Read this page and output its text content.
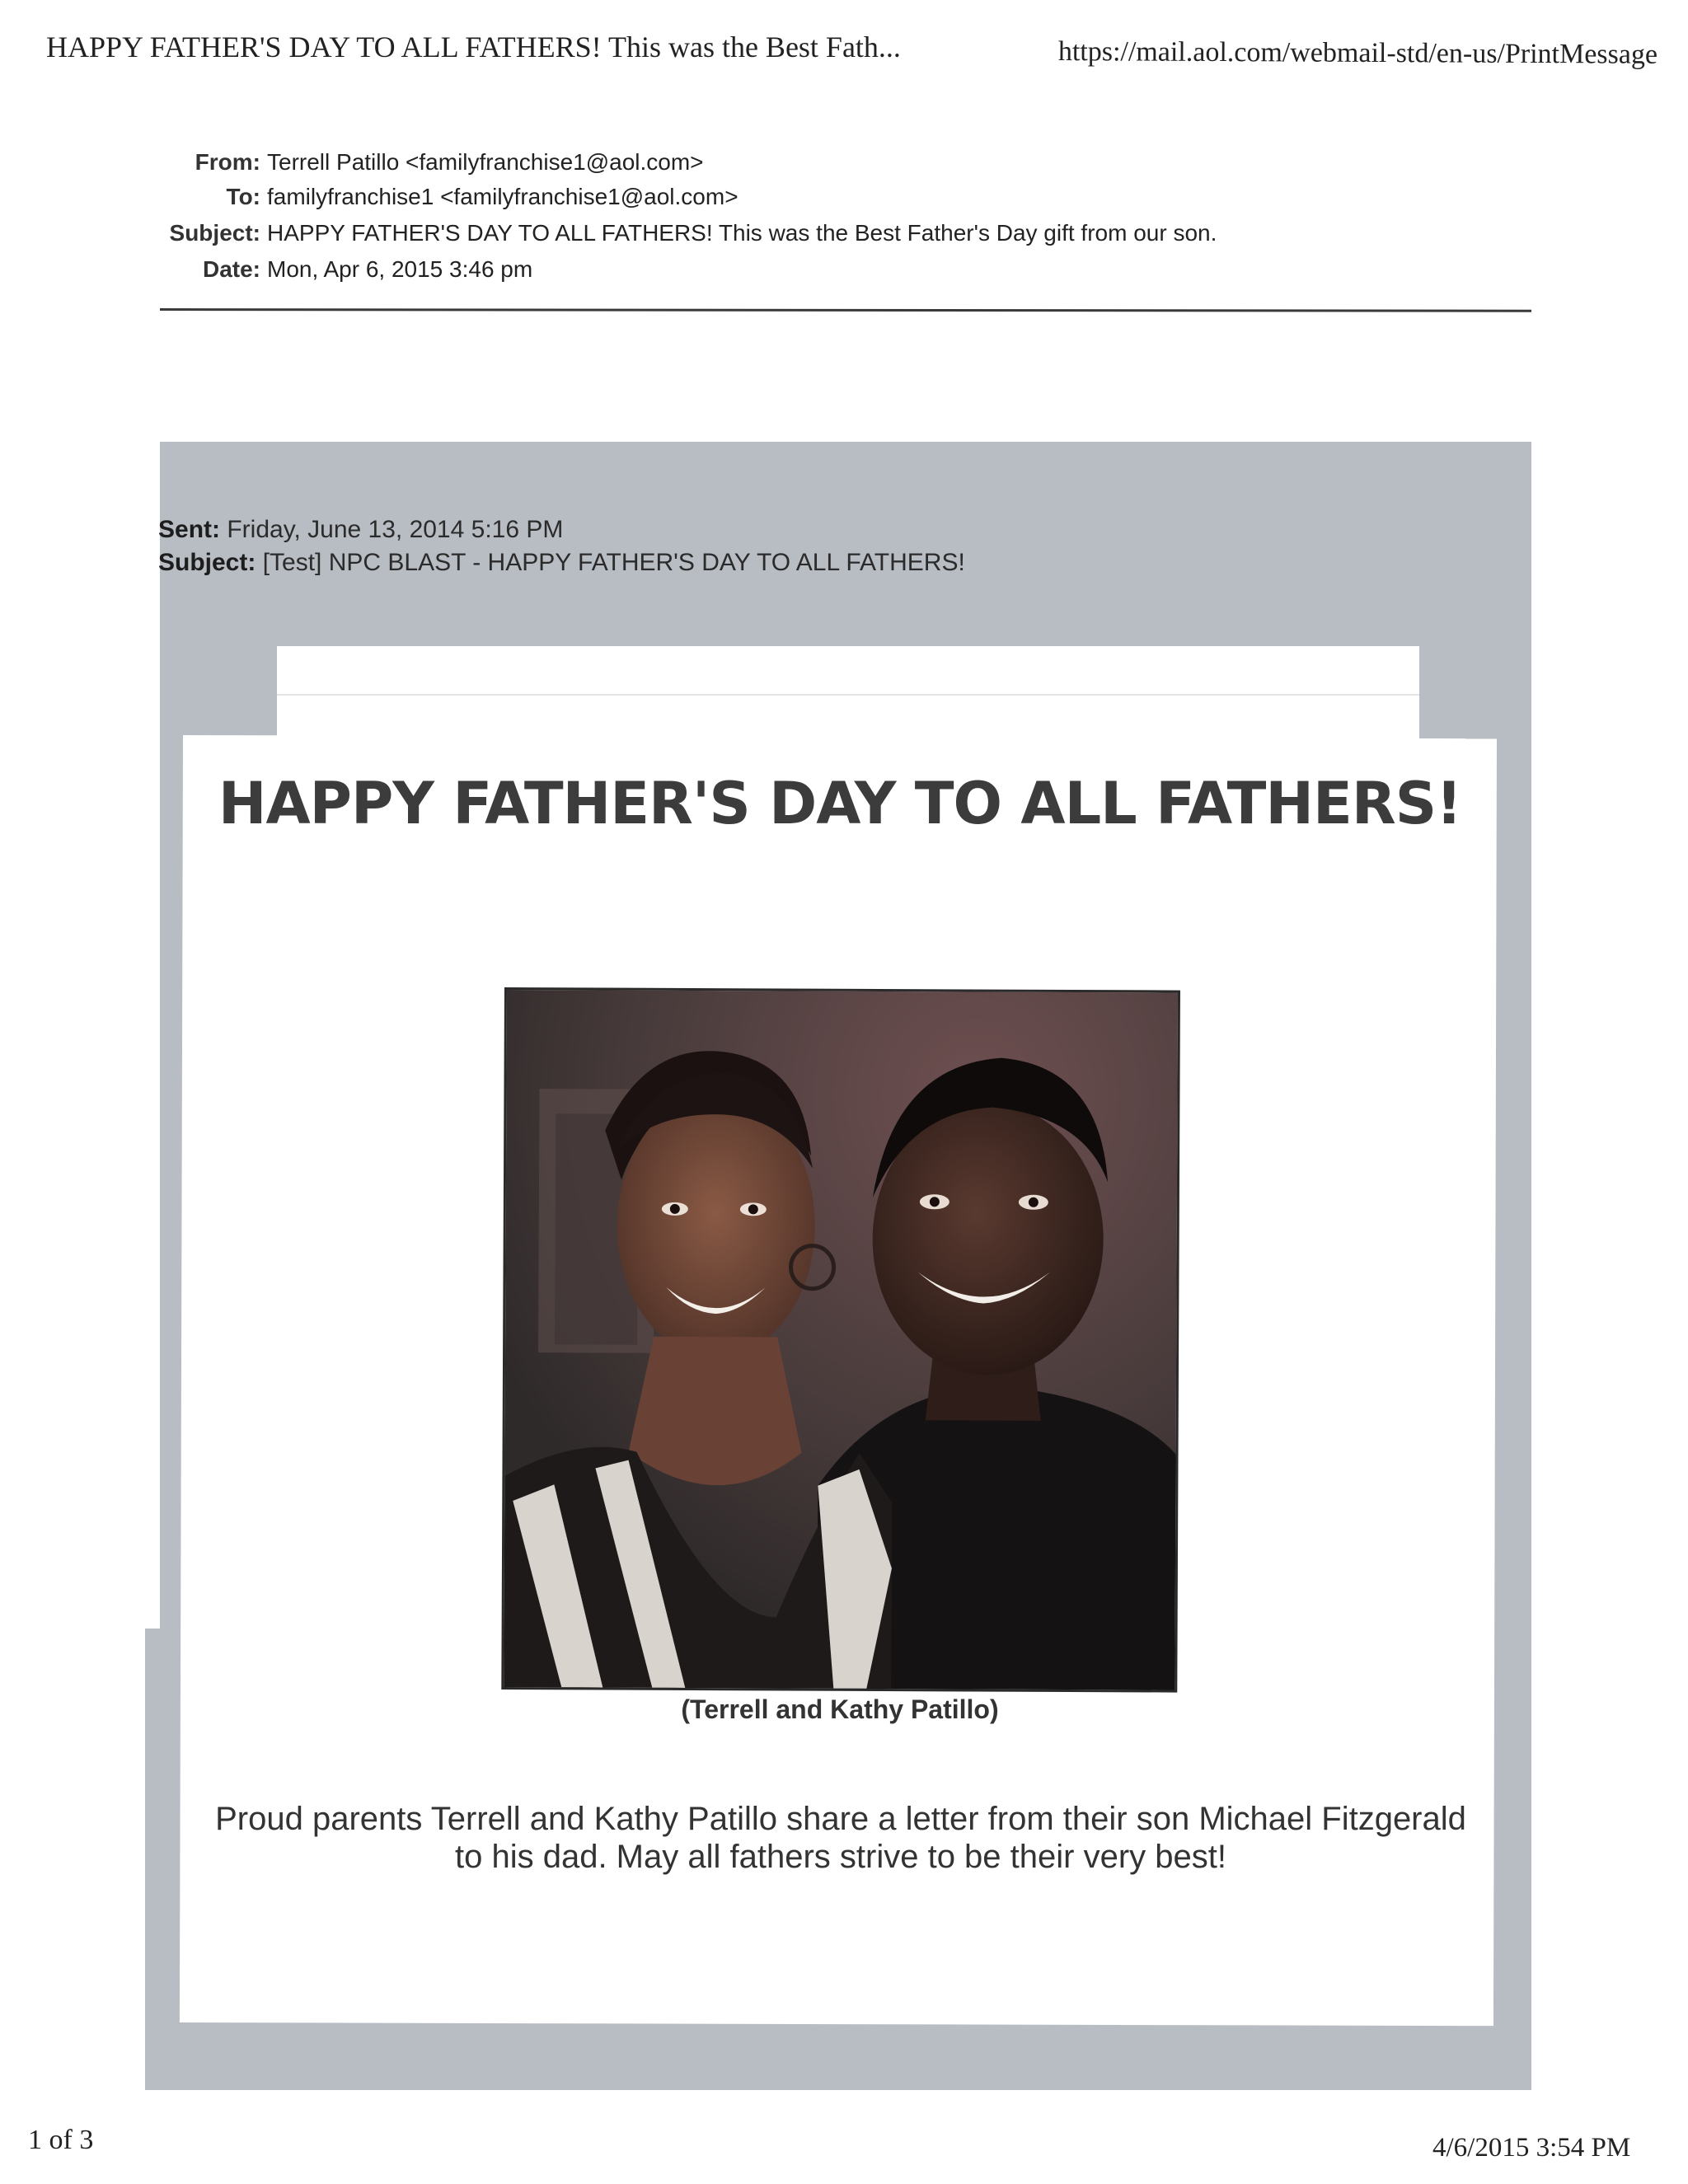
HAPPY FATHER'S DAY TO ALL FATHERS! This was the Best Fath...	https://mail.aol.com/webmail-std/en-us/PrintMessage
From: Terrell Patillo <familyfranchise1@aol.com>
To: familyfranchise1 <familyfranchise1@aol.com>
Subject: HAPPY FATHER'S DAY TO ALL FATHERS! This was the Best Father's Day gift from our son.
Date: Mon, Apr 6, 2015 3:46 pm
Sent: Friday, June 13, 2014 5:16 PM
Subject: [Test] NPC BLAST - HAPPY FATHER'S DAY TO ALL FATHERS!
HAPPY FATHER'S DAY TO ALL FATHERS!
(Terrell and Kathy Patillo)
Proud parents Terrell and Kathy Patillo share a letter from their son Michael Fitzgerald to his dad. May all fathers strive to be their very best!
1 of 3	4/6/2015 3:54 PM
